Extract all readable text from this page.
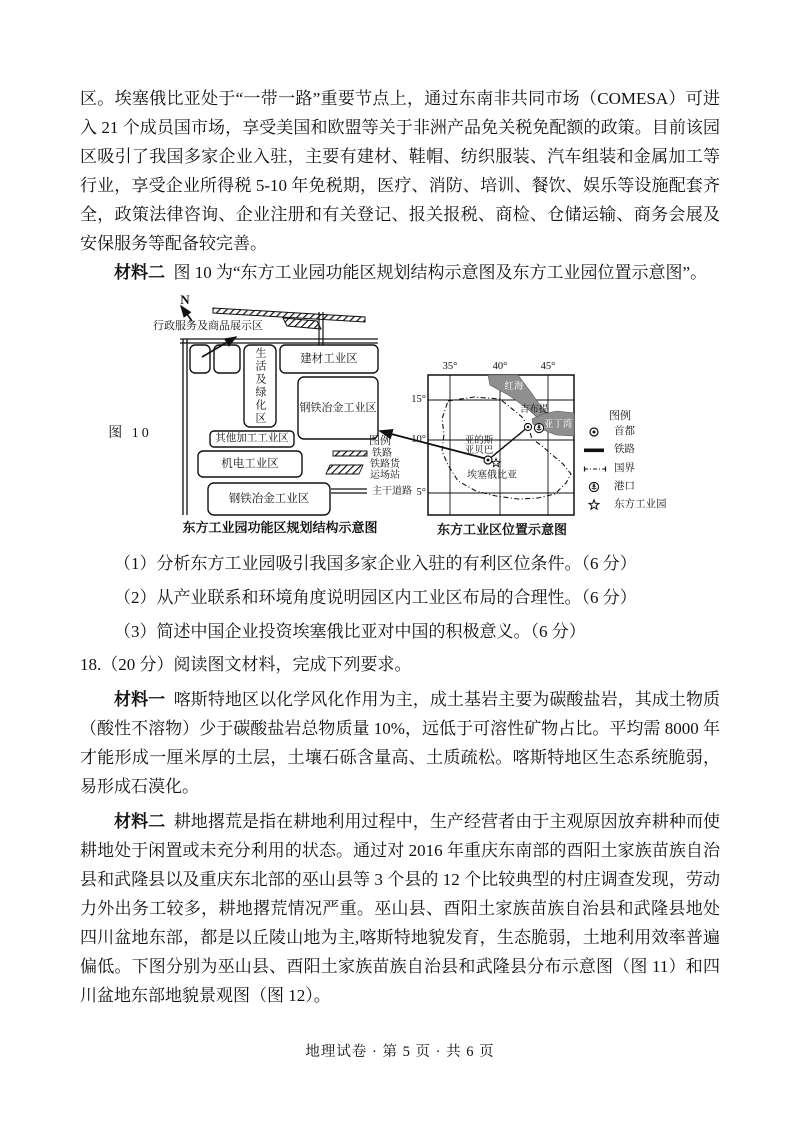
区。埃塞俄比亚处于“一带一路”重要节点上，通过东南非共同市场（COMESA）可进入 21 个成员国市场，享受美国和欧盟等关于非洲产品免关税免配额的政策。目前该园区吸引了我国多家企业入驻，主要有建材、鞋帽、纺织服装、汽车组装和金属加工等行业，享受企业所得税 5-10 年免税期，医疗、消防、培训、餐饮、娱乐等设施配套齐全，政策法律咨询、企业注册和有关登记、报关报税、商检、仓储运输、商务会展及安保服务等配备较完善。

材料二 图 10 为“东方工业园功能区规划结构示意图及东方工业园位置示意图”。

N
行政服务及商品展示区
生活及绿化区	建材工业区
钢铁冶金工业区
其他加工工业区
机电工业区
钢铁冶金工业区
图例
铁路
铁路货
运场站
主干道路
东方工业园功能区规划结构示意图
图 10
35°	40°	45°
15°
10°
5°
红海
吉布提
亚丁湾
亚的斯
亚贝巴
埃塞俄比亚
图例
首都
铁路
国界
港口
东方工业园
东方工业区位置示意图

（1）分析东方工业园吸引我国多家企业入驻的有利区位条件。（6 分）

（2）从产业联系和环境角度说明园区内工业区布局的合理性。（6 分）

（3）简述中国企业投资埃塞俄比亚对中国的积极意义。（6 分）

18.（20 分）阅读图文材料，完成下列要求。

材料一 喀斯特地区以化学风化作用为主，成土基岩主要为碳酸盐岩，其成土物质（酸性不溶物）少于碳酸盐岩总物质量 10%，远低于可溶性矿物占比。平均需 8000 年才能形成一厘米厚的土层，土壤石砾含量高、土质疏松。喀斯特地区生态系统脆弱，易形成石漠化。

材料二 耕地撂荒是指在耕地利用过程中，生产经营者由于主观原因放弃耕种而使耕地处于闲置或未充分利用的状态。通过对 2016 年重庆东南部的酉阳土家族苗族自治县和武隆县以及重庆东北部的巫山县等 3 个县的 12 个比较典型的村庄调查发现，劳动力外出务工较多，耕地撂荒情况严重。巫山县、酉阳土家族苗族自治县和武隆县地处四川盆地东部，都是以丘陵山地为主,喀斯特地貌发育，生态脆弱，土地利用效率普遍偏低。下图分别为巫山县、酉阳土家族苗族自治县和武隆县分布示意图（图 11）和四川盆地东部地貌景观图（图 12）。

地理试卷 · 第 5 页 · 共 6 页
